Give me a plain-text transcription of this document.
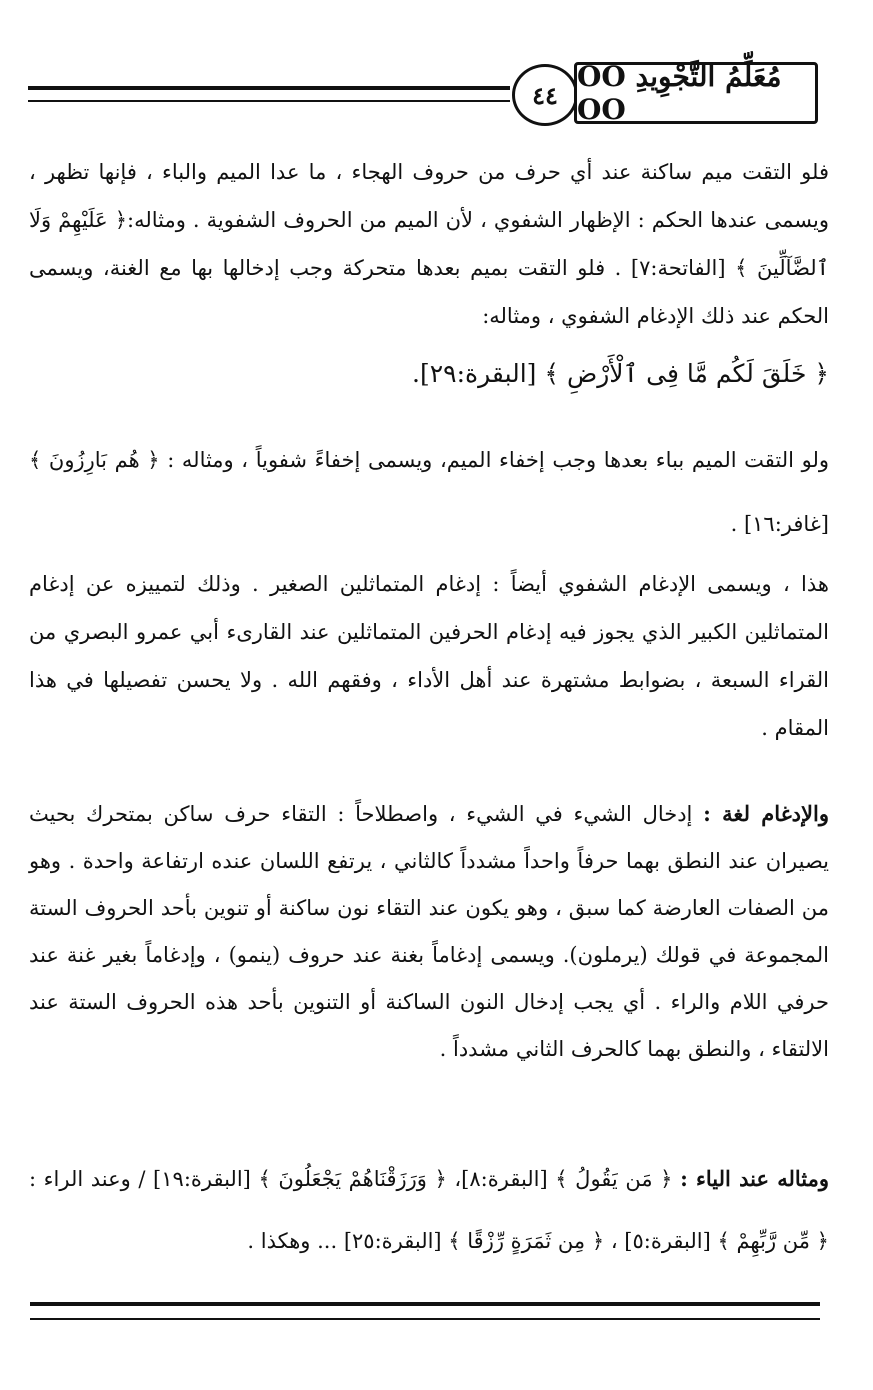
٤٤
OO مُعَلِّمُ التَّجْوِيدِ OO
فلو التقت ميم ساكنة عند أي حرف من حروف الهجاء ، ما عدا الميم والباء ، فإنها تظهر ، ويسمى عندها الحكم : الإظهار الشفوي ، لأن الميم من الحروف الشفوية . ومثاله:﴿ عَلَيْهِمْ وَلَا ٱلضَّآلِّينَ ﴾ [الفاتحة:٧] . فلو التقت بميم بعدها متحركة وجب إدخالها بها مع الغنة، ويسمى الحكم عند ذلك الإدغام الشفوي ، ومثاله:
﴿ خَلَقَ لَكُم مَّا فِى ٱلْأَرْضِ ﴾ [البقرة:٢٩].
ولو التقت الميم بباء بعدها وجب إخفاء الميم، ويسمى إخفاءً شفوياً ، ومثاله : ﴿ هُم بَارِزُونَ ﴾ [غافر:١٦] .
هذا ، ويسمى الإدغام الشفوي أيضاً : إدغام المتماثلين الصغير . وذلك لتمييزه عن إدغام المتماثلين الكبير الذي يجوز فيه إدغام الحرفين المتماثلين عند القارىء أبي عمرو البصري من القراء السبعة ، بضوابط مشتهرة عند أهل الأداء ، وفقهم الله . ولا يحسن تفصيلها في هذا المقام .
والإدغام لغة : إدخال الشيء في الشيء ، واصطلاحاً : التقاء حرف ساكن بمتحرك بحيث يصيران عند النطق بهما حرفاً واحداً مشدداً كالثاني ، يرتفع اللسان عنده ارتفاعة واحدة . وهو من الصفات العارضة كما سبق ، وهو يكون عند التقاء نون ساكنة أو تنوين بأحد الحروف الستة المجموعة في قولك (يرملون). ويسمى إدغاماً بغنة عند حروف (ينمو) ، وإدغاماً بغير غنة عند حرفي اللام والراء . أي يجب إدخال النون الساكنة أو التنوين بأحد هذه الحروف الستة عند الالتقاء ، والنطق بهما كالحرف الثاني مشدداً .
ومثاله عند الياء : ﴿ مَن يَقُولُ ﴾ [البقرة:٨]، ﴿ وَرَزَقْنَاهُمْ يَجْعَلُونَ ﴾ [البقرة:١٩] / وعند الراء : ﴿ مِّن رَّبِّهِمْ ﴾ [البقرة:٥] ، ﴿ مِن ثَمَرَةٍ رِّزْقًا ﴾ [البقرة:٢٥] ... وهكذا .
